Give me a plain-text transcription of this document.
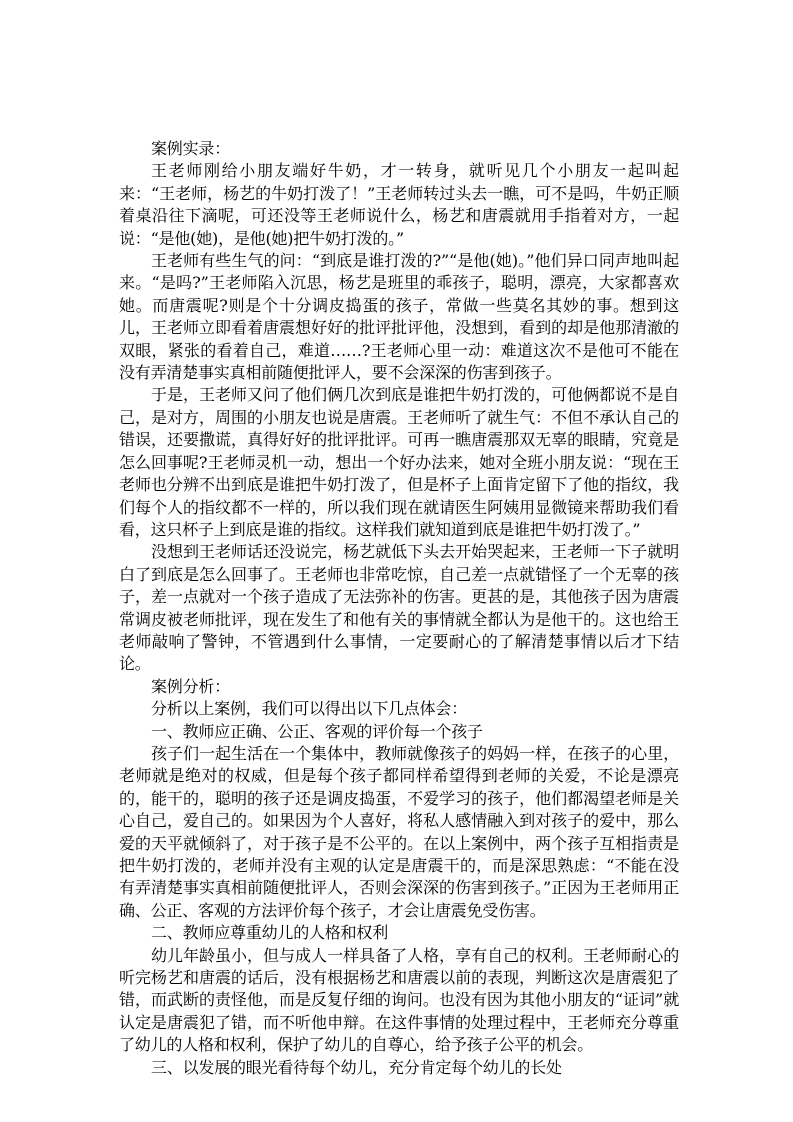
案例实录：

王老师刚给小朋友端好牛奶，才一转身，就听见几个小朋友一起叫起来：“王老师，杨艺的牛奶打泼了！”王老师转过头去一瞧，可不是吗，牛奶正顺着桌沿往下滴呢，可还没等王老师说什么，杨艺和唐震就用手指着对方，一起说：“是他(她)，是他(她)把牛奶打泼的。”

王老师有些生气的问：“到底是谁打泼的?”“是他(她)。”他们异口同声地叫起来。“是吗?”王老师陷入沉思，杨艺是班里的乖孩子，聪明，漂亮，大家都喜欢她。而唐震呢?则是个十分调皮捣蛋的孩子，常做一些莫名其妙的事。想到这儿，王老师立即看着唐震想好好的批评批评他，没想到，看到的却是他那清澈的双眼，紧张的看着自己，难道……?王老师心里一动：难道这次不是他可不能在没有弄清楚事实真相前随便批评人，要不会深深的伤害到孩子。

于是，王老师又问了他们俩几次到底是谁把牛奶打泼的，可他俩都说不是自己，是对方，周围的小朋友也说是唐震。王老师听了就生气：不但不承认自己的错误，还要撒谎，真得好好的批评批评。可再一瞧唐震那双无辜的眼睛，究竟是怎么回事呢?王老师灵机一动，想出一个好办法来，她对全班小朋友说：“现在王老师也分辨不出到底是谁把牛奶打泼了，但是杯子上面肯定留下了他的指纹，我们每个人的指纹都不一样的，所以我们现在就请医生阿姨用显微镜来帮助我们看看，这只杯子上到底是谁的指纹。这样我们就知道到底是谁把牛奶打泼了。”

没想到王老师话还没说完，杨艺就低下头去开始哭起来，王老师一下子就明白了到底是怎么回事了。王老师也非常吃惊，自己差一点就错怪了一个无辜的孩子，差一点就对一个孩子造成了无法弥补的伤害。更甚的是，其他孩子因为唐震常调皮被老师批评，现在发生了和他有关的事情就全都认为是他干的。这也给王老师敲响了警钟，不管遇到什么事情，一定要耐心的了解清楚事情以后才下结论。

案例分析：

分析以上案例，我们可以得出以下几点体会：

一、教师应正确、公正、客观的评价每一个孩子

孩子们一起生活在一个集体中，教师就像孩子的妈妈一样，在孩子的心里，老师就是绝对的权威，但是每个孩子都同样希望得到老师的关爱，不论是漂亮的，能干的，聪明的孩子还是调皮捣蛋，不爱学习的孩子，他们都渴望老师是关心自己，爱自己的。如果因为个人喜好，将私人感情融入到对孩子的爱中，那么爱的天平就倾斜了，对于孩子是不公平的。在以上案例中，两个孩子互相指责是把牛奶打泼的，老师并没有主观的认定是唐震干的，而是深思熟虑：“不能在没有弄清楚事实真相前随便批评人，否则会深深的伤害到孩子。”正因为王老师用正确、公正、客观的方法评价每个孩子，才会让唐震免受伤害。

二、教师应尊重幼儿的人格和权利

幼儿年龄虽小，但与成人一样具备了人格，享有自己的权利。王老师耐心的听完杨艺和唐震的话后，没有根据杨艺和唐震以前的表现，判断这次是唐震犯了错，而武断的责怪他，而是反复仔细的询问。也没有因为其他小朋友的“证词”就认定是唐震犯了错，而不听他申辩。在这件事情的处理过程中，王老师充分尊重了幼儿的人格和权利，保护了幼儿的自尊心，给予孩子公平的机会。

三、以发展的眼光看待每个幼儿，充分肯定每个幼儿的长处
